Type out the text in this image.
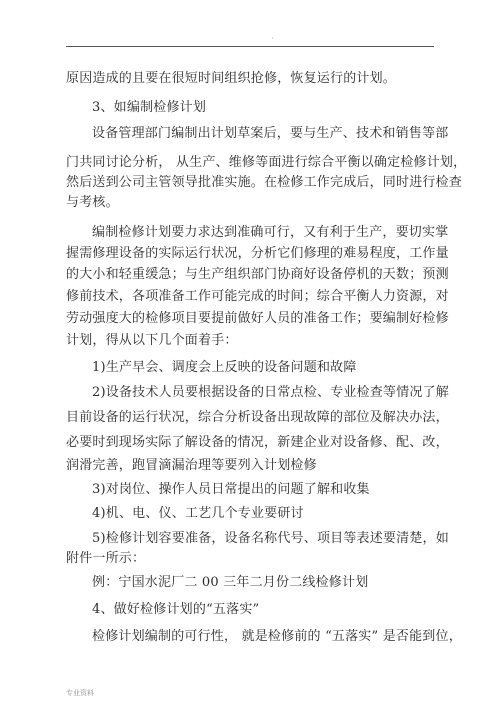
'
原因造成的且要在很短时间组织抢修，恢复运行的计划。
3、如编制检修计划
设备管理部门编制出计划草案后，要与生产、技术和销售等部
门共同讨论分析， 从生产、维修等面进行综合平衡以确定检修计划，
然后送到公司主管领导批准实施。在检修工作完成后，同时进行检查
与考核。
编制检修计划要力求达到准确可行，又有利于生产，要切实掌
握需修理设备的实际运行状况，分析它们修理的难易程度，工作量
的大小和轻重缓急；与生产组织部门协商好设备停机的天数；预测
修前技术，各项准备工作可能完成的时间；综合平衡人力资源，对
劳动强度大的检修项目要提前做好人员的准备工作；要编制好检修
计划，得从以下几个面着手：
1)生产早会、调度会上反映的设备问题和故障
2)设备技术人员要根据设备的日常点检、专业检查等情况了解
目前设备的运行状况，综合分析设备出现故障的部位及解决办法，
必要时到现场实际了解设备的情况，新建企业对设备修、配、改，
润滑完善，跑冒滴漏治理等要列入计划检修
3)对岗位、操作人员日常提出的问题了解和收集
4)机、电、仪、工艺几个专业要研讨
5)检修计划容要准备，设备名称代号、项目等表述要清楚，如
附件一所示：
例：宁国水泥厂二 00 三年二月份二线检修计划
4、做好检修计划的“五落实”
检修计划编制的可行性， 就是检修前的 “五落实” 是否能到位，
专业资料
